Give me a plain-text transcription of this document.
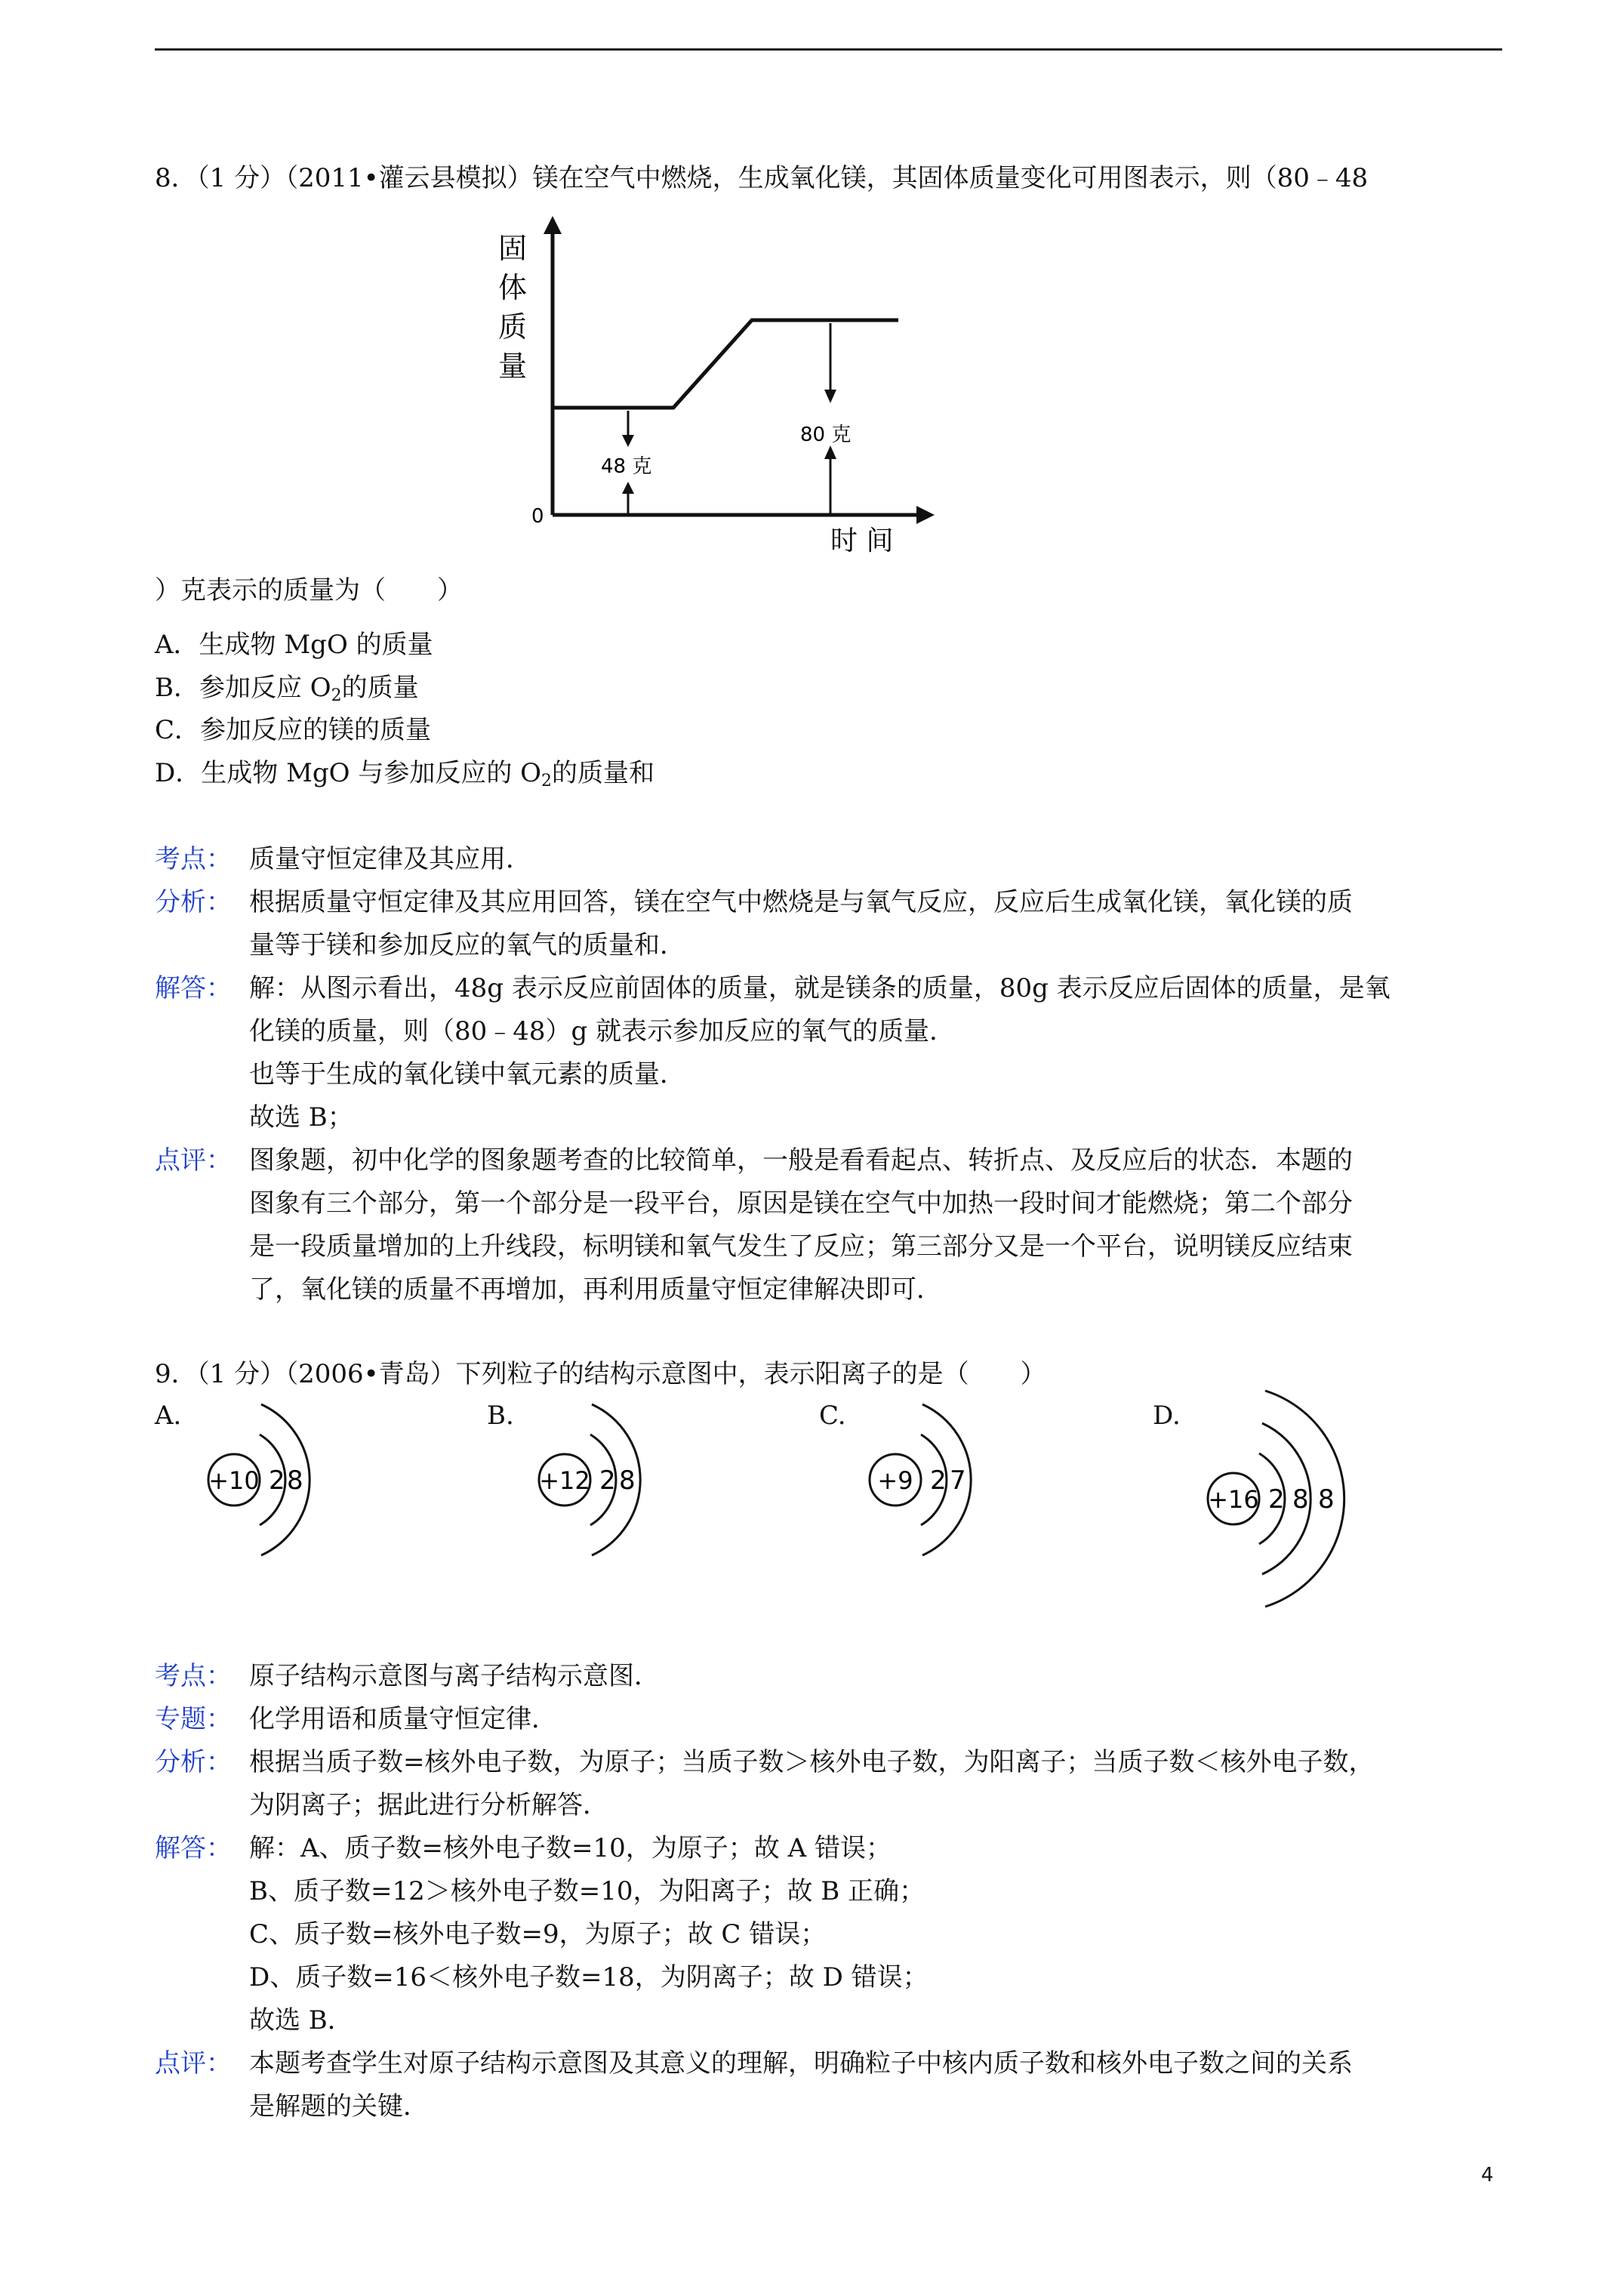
8．（1 分）（2011•灌云县模拟）镁在空气中燃烧，生成氧化镁，其固体质量变化可用图表示，则（80﹣48
固
体
质
量
0
48 克
80 克
时 间
）克表示的质量为（　　）
A．生成物 MgO 的质量
B．参加反应 $O_2$的质量
C．参加反应的镁的质量
D．生成物 MgO 与参加反应的 $O_2$的质量和
考点： 质量守恒定律及其应用．
分析： 根据质量守恒定律及其应用回答，镁在空气中燃烧是与氧气反应，反应后生成氧化镁，氧化镁的质
量等于镁和参加反应的氧气的质量和．
解答： 解：从图示看出，48g 表示反应前固体的质量，就是镁条的质量，80g 表示反应后固体的质量，是氧
化镁的质量，则（80﹣48）g 就表示参加反应的氧气的质量．
也等于生成的氧化镁中氧元素的质量．
故选 B；
点评： 图象题，初中化学的图象题考查的比较简单，一般是看看起点、转折点、及反应后的状态．本题的
图象有三个部分，第一个部分是一段平台，原因是镁在空气中加热一段时间才能燃烧；第二个部分
是一段质量增加的上升线段，标明镁和氧气发生了反应；第三部分又是一个平台，说明镁反应结束
了，氧化镁的质量不再增加，再利用质量守恒定律解决即可．
9．（1 分）（2006•青岛）下列粒子的结构示意图中，表示阳离子的是（　　）
A.
+10 2 8
B.
+12 2 8
C.
+9 2 7
D.
+16 2 8 8
考点： 原子结构示意图与离子结构示意图．
专题： 化学用语和质量守恒定律．
分析： 根据当质子数=核外电子数，为原子；当质子数＞核外电子数，为阳离子；当质子数＜核外电子数，
为阴离子；据此进行分析解答．
解答： 解：A、质子数=核外电子数=10，为原子；故 A 错误；
B、质子数=12＞核外电子数=10，为阳离子；故 B 正确；
C、质子数=核外电子数=9，为原子；故 C 错误；
D、质子数=16＜核外电子数=18，为阴离子；故 D 错误；
故选 B．
点评： 本题考查学生对原子结构示意图及其意义的理解，明确粒子中核内质子数和核外电子数之间的关系
是解题的关键．
4
